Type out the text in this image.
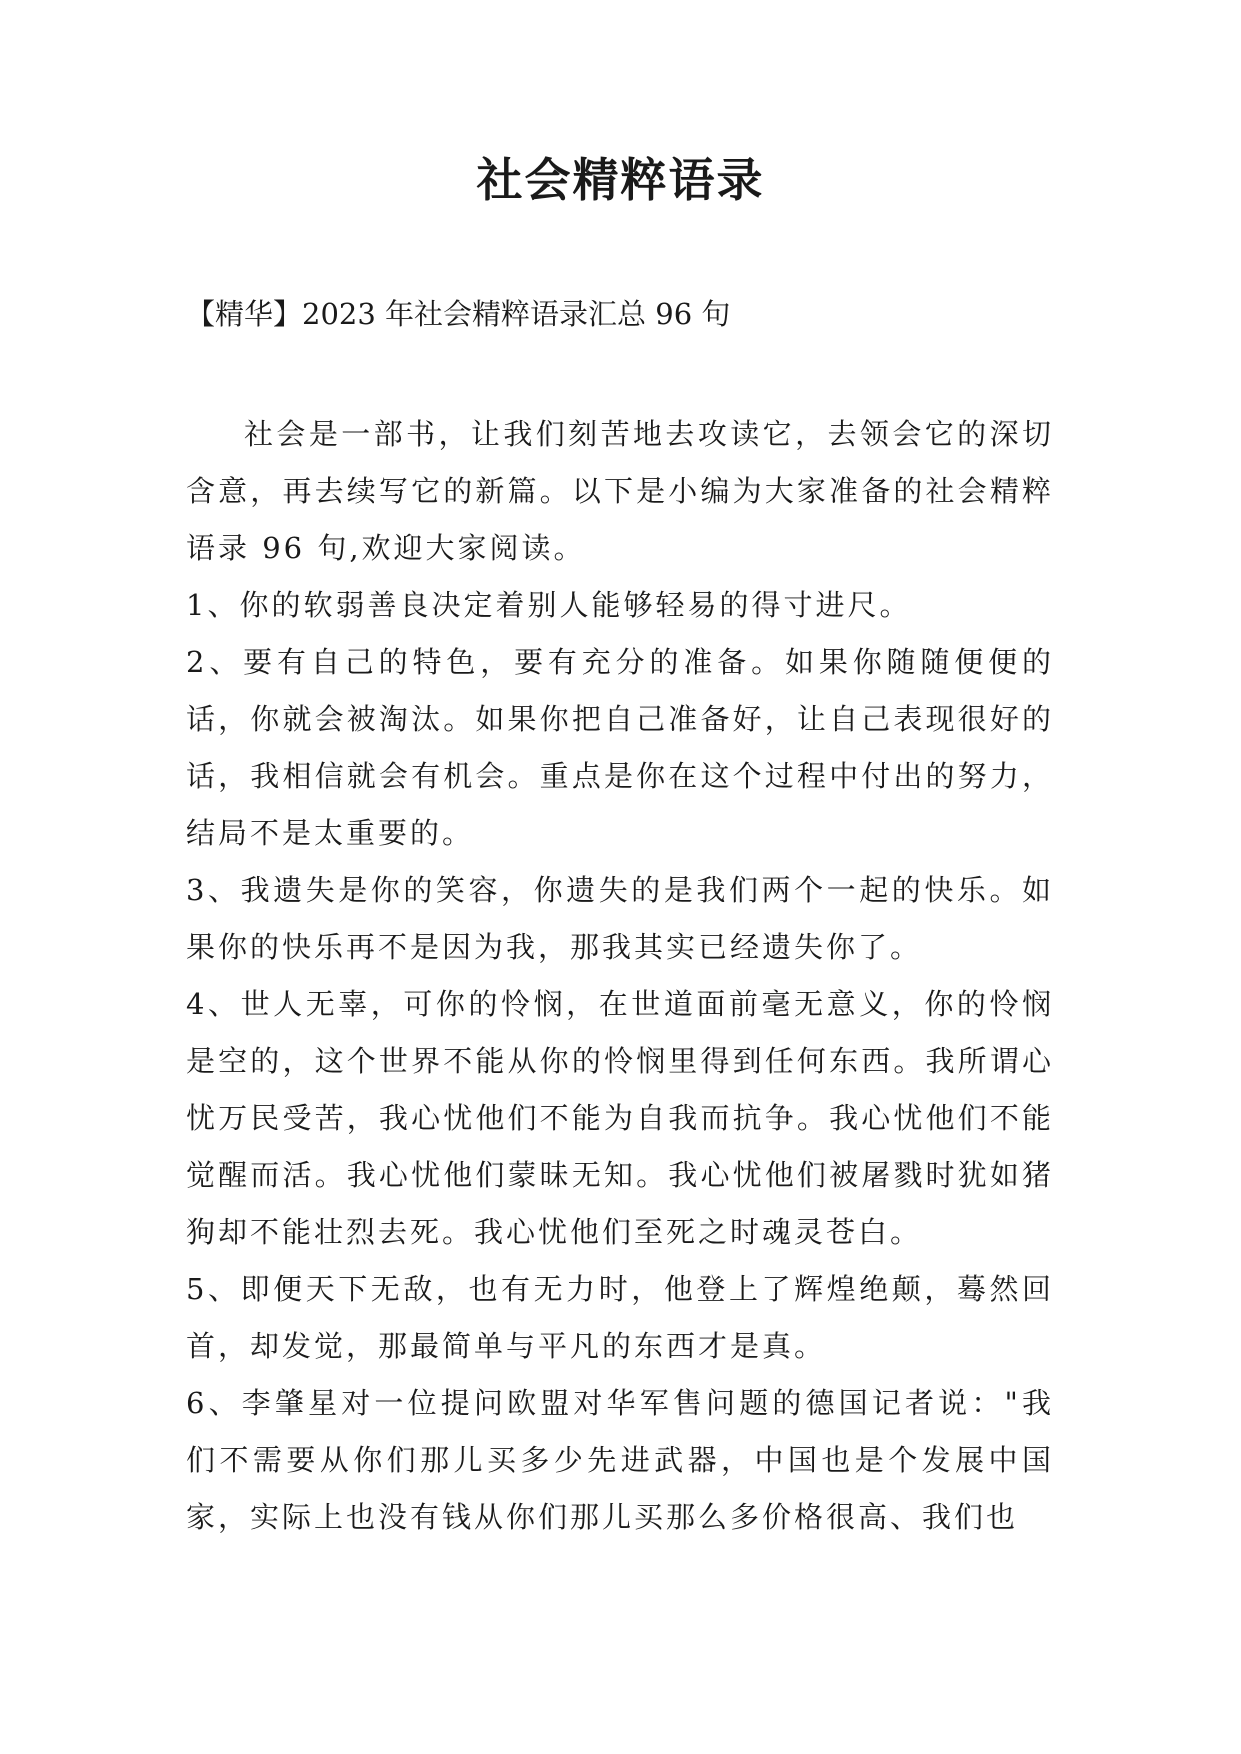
社会精粹语录
【精华】2023 年社会精粹语录汇总 96 句

社会是一部书，让我们刻苦地去攻读它，去领会它的深切含意，再去续写它的新篇。以下是小编为大家准备的社会精粹语录 96 句,欢迎大家阅读。

1、你的软弱善良决定着别人能够轻易的得寸进尺。

2、要有自己的特色，要有充分的准备。如果你随随便便的话，你就会被淘汰。如果你把自己准备好，让自己表现很好的话，我相信就会有机会。重点是你在这个过程中付出的努力，结局不是太重要的。

3、我遗失是你的笑容，你遗失的是我们两个一起的快乐。如果你的快乐再不是因为我，那我其实已经遗失你了。

4、世人无辜，可你的怜悯，在世道面前毫无意义，你的怜悯是空的，这个世界不能从你的怜悯里得到任何东西。我所谓心忧万民受苦，我心忧他们不能为自我而抗争。我心忧他们不能觉醒而活。我心忧他们蒙昧无知。我心忧他们被屠戮时犹如猪狗却不能壮烈去死。我心忧他们至死之时魂灵苍白。

5、即便天下无敌，也有无力时，他登上了辉煌绝颠，蓦然回首，却发觉，那最简单与平凡的东西才是真。

6、李肇星对一位提问欧盟对华军售问题的德国记者说："我们不需要从你们那儿买多少先进武器，中国也是个发展中国家，实际上也没有钱从你们那儿买那么多价格很高、我们也
